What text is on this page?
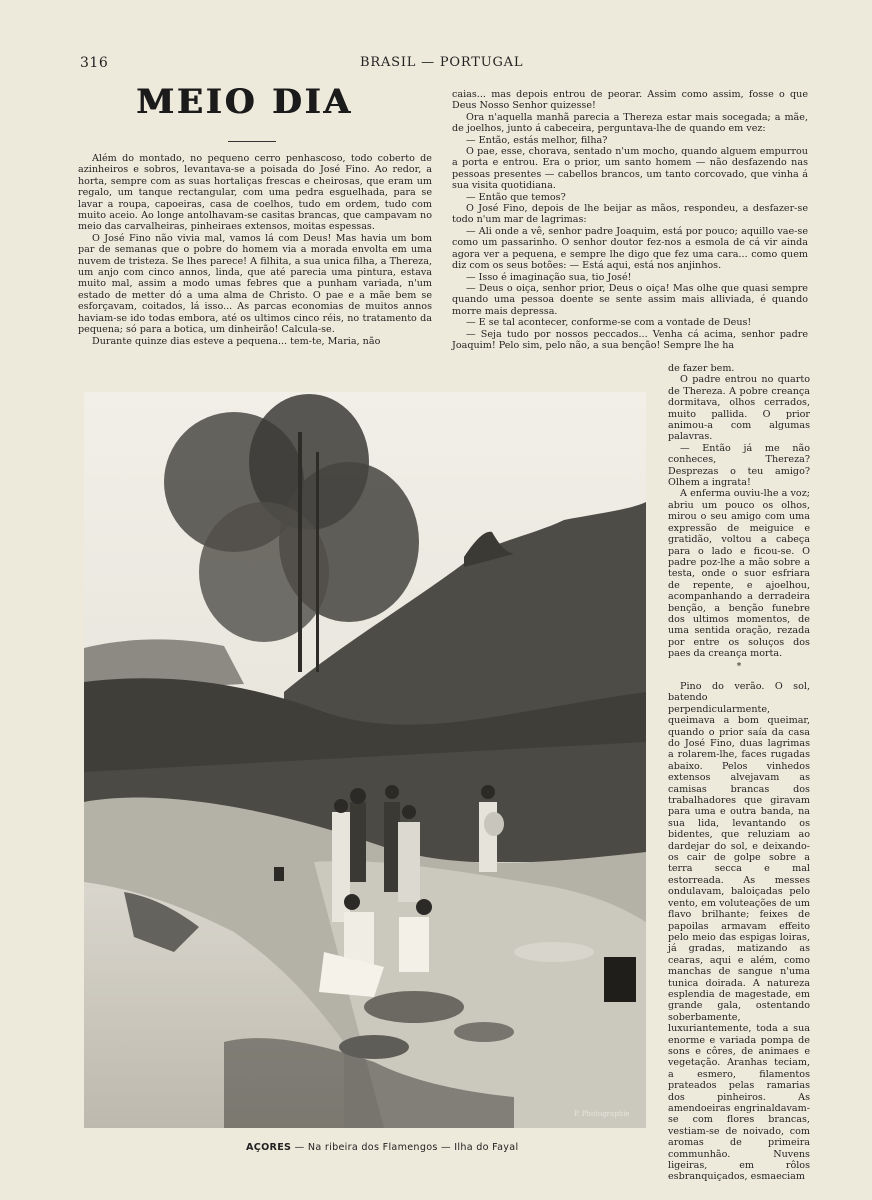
316	BRASIL — PORTUGAL
MEIO DIA

Além do montado, no pequeno cerro penhascoso, todo coberto de azinheiros e sobros, levantava-se a poisada do José Fino. Ao redor, a horta, sempre com as suas hortaliças frescas e cheirosas, que eram um regalo, um tanque rectangular, com uma pedra esguelhada, para se lavar a roupa, capoeiras, casa de coelhos, tudo em ordem, tudo com muito aceio. Ao longe antolhavam-se casitas brancas, que campavam no meio das carvalheiras, pinheiraes extensos, moitas espessas.

O José Fino não vivia mal, vamos lá com Deus! Mas havia um bom par de semanas que o pobre do homem via a morada envolta em uma nuvem de tristeza. Se lhes parece! A filhita, a sua unica filha, a Thereza, um anjo com cinco annos, linda, que até parecia uma pintura, estava muito mal, assim a modo umas febres que a punham variada, n'um estado de metter dó a uma alma de Christo. O pae e a mãe bem se esforçavam, coitados, lá isso... As parcas economias de muitos annos haviam-se ido todas embora, até os ultimos cinco réis, no tratamento da pequena; só para a botica, um dinheirão! Calcula-se.

Durante quinze dias esteve a pequena... tem-te, Maria, não

caias... mas depois entrou de peorar. Assim como assim, fosse o que Deus Nosso Senhor quizesse!

Ora n'aquella manhã parecia a Thereza estar mais socegada; a mãe, de joelhos, junto á cabeceira, perguntava-lhe de quando em vez:

— Então, estás melhor, filha?

O pae, esse, chorava, sentado n'um mocho, quando alguem empurrou a porta e entrou. Era o prior, um santo homem — não desfazendo nas pessoas presentes — cabellos brancos, um tanto corcovado, que vinha á sua visita quotidiana.

— Então que temos?

O José Fino, depois de lhe beijar as mãos, respondeu, a desfazer-se todo n'um mar de lagrimas:

— Ali onde a vê, senhor padre Joaquim, está por pouco; aquillo vae-se como um passarinho. O senhor doutor fez-nos a esmola de cá vir ainda agora ver a pequena, e sempre lhe digo que fez uma cara... como quem diz com os seus botões: — Está aqui, está nos anjinhos.

— Isso é imaginação sua, tio José!

— Deus o oiça, senhor prior, Deus o oiça! Mas olhe que quasi sempre quando uma pessoa doente se sente assim mais alliviada, é quando morre mais depressa.

— E se tal acontecer, conforme-se com a vontade de Deus!

— Seja tudo por nossos peccados... Venha cá acima, senhor padre Joaquim! Pelo sim, pelo não, a sua benção! Sempre lhe ha

de fazer bem.

O padre entrou no quarto de Thereza. A pobre creança dormitava, olhos cerrados, muito pallida. O prior animou-a com algumas palavras.

— Então já me não conheces, Thereza? Desprezas o teu amigo? Olhem a ingrata!

A enferma ouviu-lhe a voz; abriu um pouco os olhos, mirou o seu amigo com uma expressão de meiguice e gratidão, voltou a cabeça para o lado e ficou-se. O padre poz-lhe a mão sobre a testa, onde o suor esfriara de repente, e ajoelhou, acompanhando a derradeira benção, a benção funebre dos ultimos momentos, de uma sentida oração, rezada por entre os soluços dos paes da creança morta.

*

Pino do verão. O sol, batendo perpendicularmente, queimava a bom queimar, quando o prior saía da casa do José Fino, duas lagrimas a rolarem-lhe, faces rugadas abaixo. Pelos vinhedos extensos alvejavam as camisas brancas dos trabalhadores que giravam para uma e outra banda, na sua lida, levantando os bidentes, que reluziam ao dardejar do sol, e deixando-os cair de golpe sobre a terra secca e mal estorreada. As messes ondulavam, baloiçadas pelo vento, em voluteações de um flavo brilhante; feixes de papoilas armavam effeito pelo meio das espigas loiras, já gradas, matizando as cearas, aqui e além, como manchas de sangue n'uma tunica doirada. A natureza esplendia de magestade, em grande gala, ostentando soberbamente, luxuriantemente, toda a sua enorme e variada pompa de sons e côres, de animaes e vegetação. Aranhas teciam, a esmero, filamentos prateados pelas ramarias dos pinheiros. As amendoeiras engrinaldavam-se com flores brancas, vestiam-se de noivado, com aromas de primeira communhão. Nuvens ligeiras, em rôlos esbranquiçados, esmaeciam

P. Photographie
AÇORES — Na ribeira dos Flamengos — Ilha do Fayal
